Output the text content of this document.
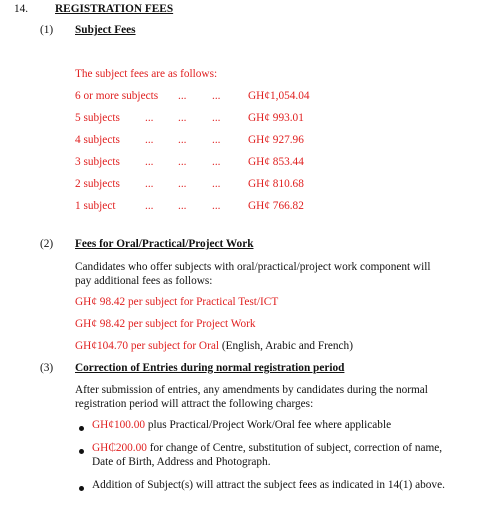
14. REGISTRATION FEES
(1) Subject Fees
The subject fees are as follows:
6 or more subjects ... ... GH¢1,054.04
5 subjects ... ... ... GH¢ 993.01
4 subjects ... ... ... GH¢ 927.96
3 subjects ... ... ... GH¢ 853.44
2 subjects ... ... ... GH¢ 810.68
1 subject	... ... ... GH¢ 766.82
(2) Fees for Oral/Practical/Project Work
Candidates who offer subjects with oral/practical/project work component will
pay additional fees as follows:
GH¢ 98.42 per subject for Practical Test/ICT
GH¢ 98.42 per subject for Project Work
GH¢104.70 per subject for Oral (English, Arabic and French)
(3) Correction of Entries during normal registration period
After submission of entries, any amendments by candidates during the normal
registration period will attract the following charges:
GH¢100.00 plus Practical/Project Work/Oral fee where applicable
GH₵200.00 for change of Centre, substitution of subject, correction of name,
Date of Birth, Address and Photograph.
Addition of Subject(s) will attract the subject fees as indicated in 14(1) above.
